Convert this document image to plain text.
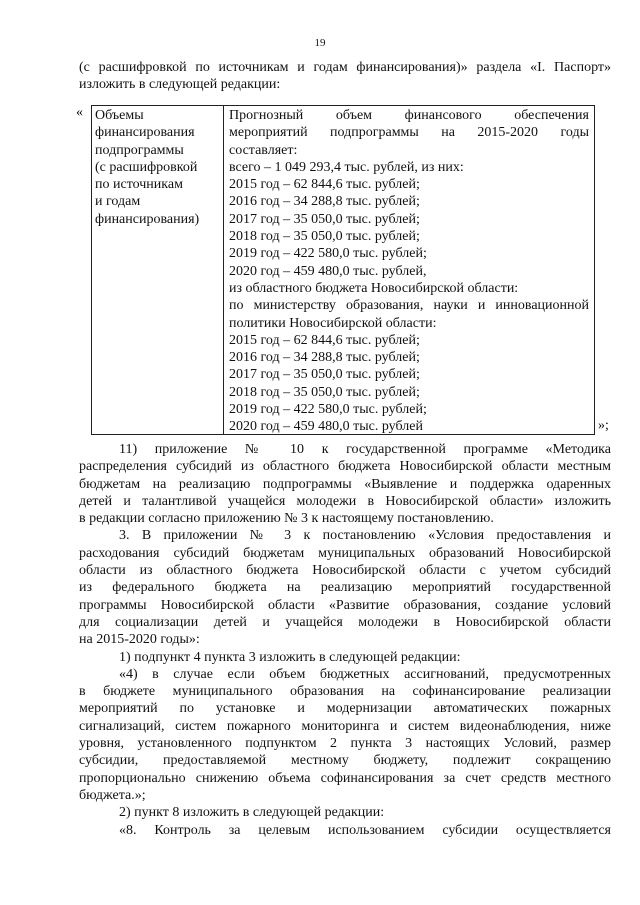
19
(с расшифровкой по источникам и годам финансирования)» раздела «I. Паспорт»
изложить в следующей редакции:
« Объемы
финансирования
подпрограммы
(с расшифровкой
по источникам
и годам
финансирования)
Прогнозный объем финансового обеспечения
мероприятий подпрограммы на 2015-2020 годы
составляет:
всего – 1 049 293,4 тыс. рублей, из них:
2015 год – 62 844,6 тыс. рублей;
2016 год – 34 288,8 тыс. рублей;
2017 год – 35 050,0 тыс. рублей;
2018 год – 35 050,0 тыс. рублей;
2019 год – 422 580,0 тыс. рублей;
2020 год – 459 480,0 тыс. рублей,
из областного бюджета Новосибирской области:
по министерству образования, науки и инновационной
политики Новосибирской области:
2015 год – 62 844,6 тыс. рублей;
2016 год – 34 288,8 тыс. рублей;
2017 год – 35 050,0 тыс. рублей;
2018 год – 35 050,0 тыс. рублей;
2019 год – 422 580,0 тыс. рублей;
2020 год – 459 480,0 тыс. рублей	»;
11) приложение № 10 к государственной программе «Методика
распределения субсидий из областного бюджета Новосибирской области местным
бюджетам на реализацию подпрограммы «Выявление и поддержка одаренных
детей и талантливой учащейся молодежи в Новосибирской области» изложить
в редакции согласно приложению № 3 к настоящему постановлению.
3. В приложении № 3 к постановлению «Условия предоставления и
расходования субсидий бюджетам муниципальных образований Новосибирской
области из областного бюджета Новосибирской области с учетом субсидий
из федерального бюджета на реализацию мероприятий государственной
программы Новосибирской области «Развитие образования, создание условий
для социализации детей и учащейся молодежи в Новосибирской области
на 2015-2020 годы»:
1) подпункт 4 пункта 3 изложить в следующей редакции:
«4) в случае если объем бюджетных ассигнований, предусмотренных
в бюджете муниципального образования на софинансирование реализации
мероприятий по установке и модернизации автоматических пожарных
сигнализаций, систем пожарного мониторинга и систем видеонаблюдения, ниже
уровня, установленного подпунктом 2 пункта 3 настоящих Условий, размер
субсидии, предоставляемой местному бюджету, подлежит сокращению
пропорционально снижению объема софинансирования за счет средств местного
бюджета.»;
2) пункт 8 изложить в следующей редакции:
«8. Контроль за целевым использованием субсидии осуществляется
